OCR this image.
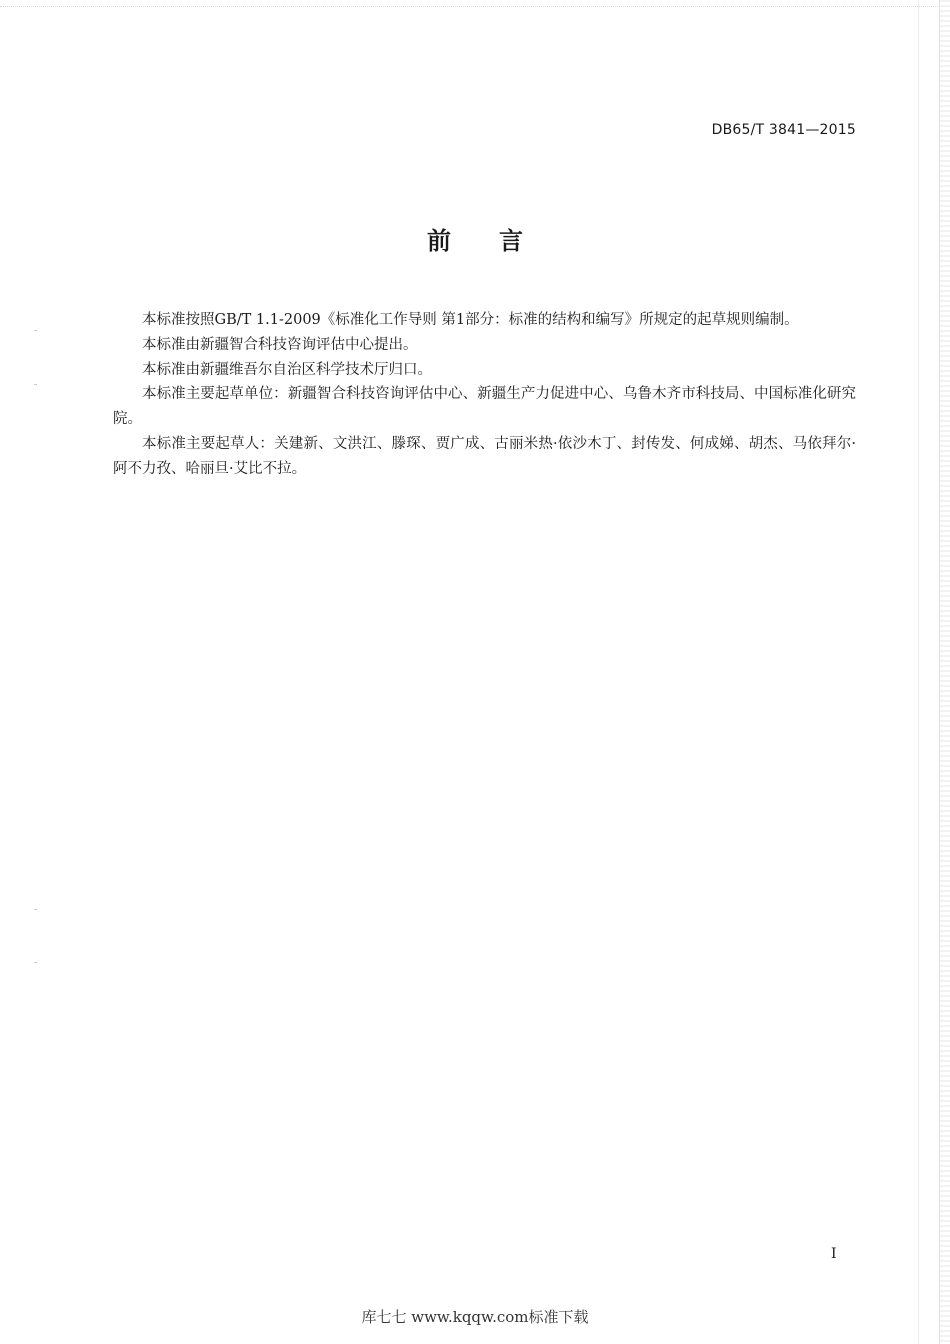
DB65/T 3841—2015
前　　言

本标准按照GB/T 1.1-2009《标准化工作导则 第1部分：标准的结构和编写》所规定的起草规则编制。

本标准由新疆智合科技咨询评估中心提出。

本标准由新疆维吾尔自治区科学技术厅归口。

本标准主要起草单位：新疆智合科技咨询评估中心、新疆生产力促进中心、乌鲁木齐市科技局、中国标准化研究院。

本标准主要起草人：关建新、文洪江、滕琛、贾广成、古丽米热·依沙木丁、封传发、何成娣、胡杰、马依拜尔·阿不力孜、哈丽旦·艾比不拉。

I
库七七 www.kqqw.com标准下载
